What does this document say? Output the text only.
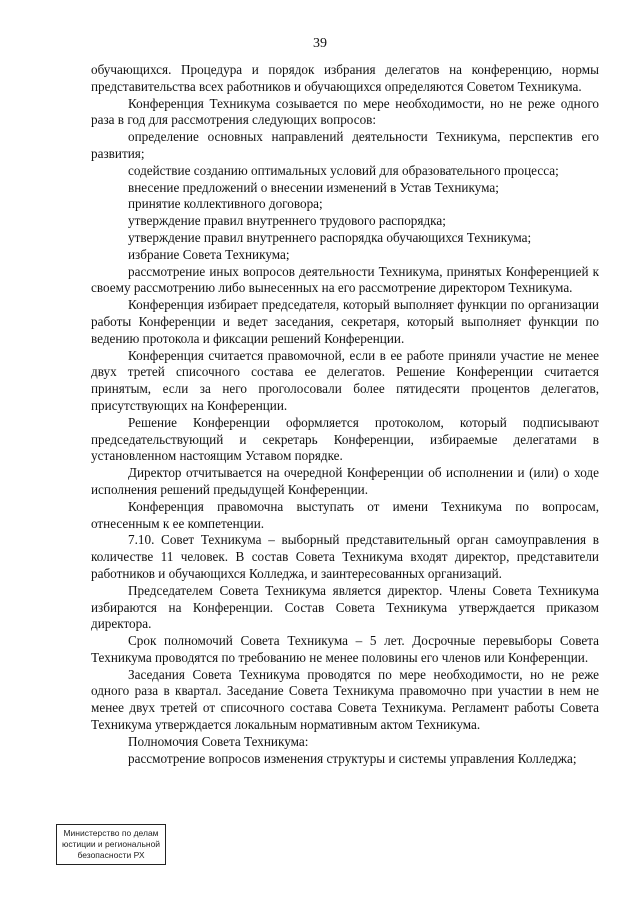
39

обучающихся. Процедура и порядок избрания делегатов на конференцию, нормы представительства всех работников и обучающихся определяются Советом Техникума.

Конференция Техникума созывается по мере необходимости, но не реже одного раза в год для рассмотрения следующих вопросов:

определение основных направлений деятельности Техникума, перспектив его развития;

содействие созданию оптимальных условий для образовательного процесса;

внесение предложений о внесении изменений в Устав Техникума;

принятие коллективного договора;

утверждение правил внутреннего трудового распорядка;

утверждение правил внутреннего распорядка обучающихся Техникума;

избрание Совета Техникума;

рассмотрение иных вопросов деятельности Техникума, принятых Конференцией к своему рассмотрению либо вынесенных на его рассмотрение директором Техникума.

Конференция избирает председателя, который выполняет функции по организации работы Конференции и ведет заседания, секретаря, который выполняет функции по ведению протокола и фиксации решений Конференции.

Конференция считается правомочной, если в ее работе приняли участие не менее двух третей списочного состава ее делегатов. Решение Конференции считается принятым, если за него проголосовали более пятидесяти процентов делегатов, присутствующих на Конференции.

Решение Конференции оформляется протоколом, который подписывают председательствующий и секретарь Конференции, избираемые делегатами в установленном настоящим Уставом порядке.

Директор отчитывается на очередной Конференции об исполнении и (или) о ходе исполнения решений предыдущей Конференции.

Конференция правомочна выступать от имени Техникума по вопросам, отнесенным к ее компетенции.

7.10. Совет Техникума – выборный представительный орган самоуправления в количестве 11 человек. В состав Совета Техникума входят директор, представители работников и обучающихся Колледжа, и заинтересованных организаций.

Председателем Совета Техникума является директор. Члены Совета Техникума избираются на Конференции. Состав Совета Техникума утверждается приказом директора.

Срок полномочий Совета Техникума – 5 лет. Досрочные перевыборы Совета Техникума проводятся по требованию не менее половины его членов или Конференции.

Заседания Совета Техникума проводятся по мере необходимости, но не реже одного раза в квартал. Заседание Совета Техникума правомочно при участии в нем не менее двух третей от списочного состава Совета Техникума. Регламент работы Совета Техникума утверждается локальным нормативным актом Техникума.

Полномочия Совета Техникума:

рассмотрение вопросов изменения структуры и системы управления Колледжа;

Министерство по делам
юстиции и региональной
безопасности РХ
